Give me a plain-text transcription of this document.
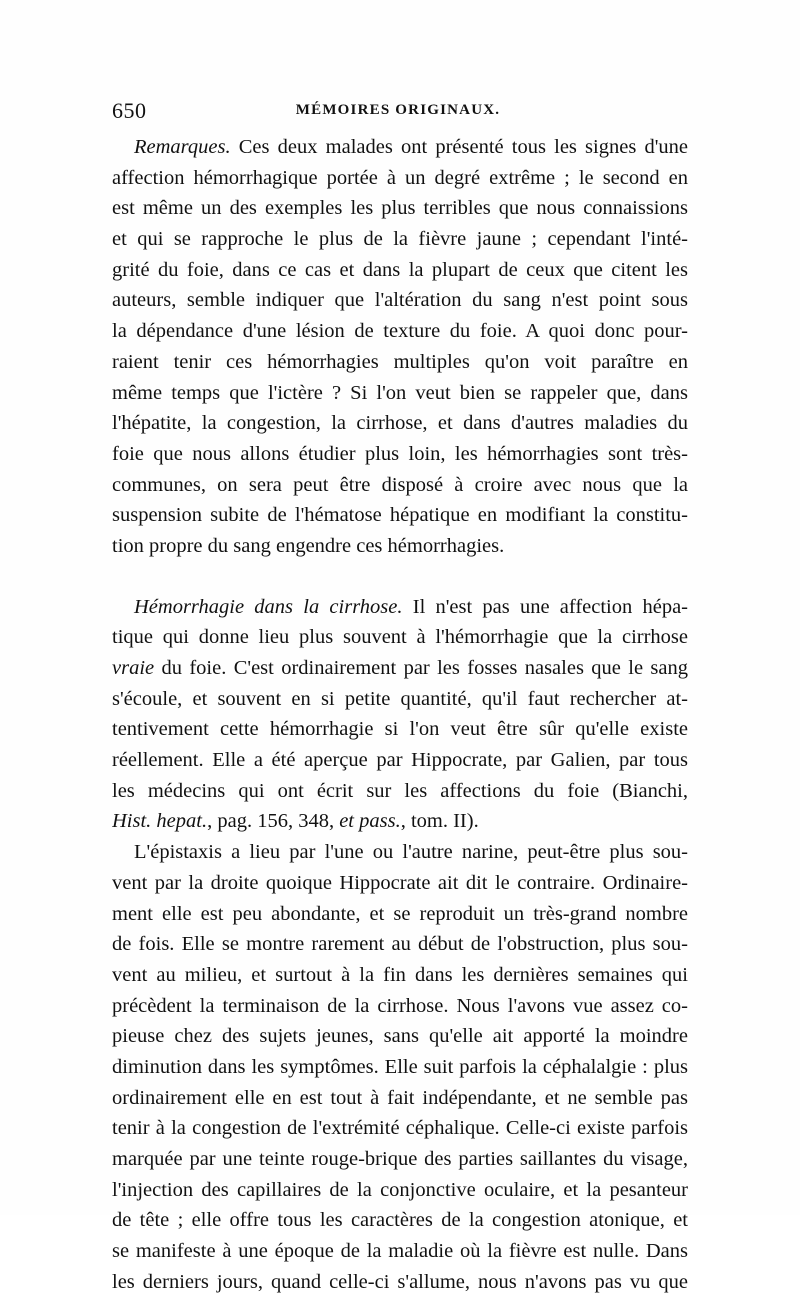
650	MÉMOIRES ORIGINAUX.
Remarques. Ces deux malades ont présenté tous les signes d'une
affection hémorrhagique portée à un degré extrême ; le second en
est même un des exemples les plus terribles que nous connaissions
et qui se rapproche le plus de la fièvre jaune ; cependant l'inté-
grité du foie, dans ce cas et dans la plupart de ceux que citent les
auteurs, semble indiquer que l'altération du sang n'est point sous
la dépendance d'une lésion de texture du foie. A quoi donc pour-
raient tenir ces hémorrhagies multiples qu'on voit paraître en
même temps que l'ictère ? Si l'on veut bien se rappeler que, dans
l'hépatite, la congestion, la cirrhose, et dans d'autres maladies du
foie que nous allons étudier plus loin, les hémorrhagies sont très-
communes, on sera peut être disposé à croire avec nous que la
suspension subite de l'hématose hépatique en modifiant la constitu-
tion propre du sang engendre ces hémorrhagies.
Hémorrhagie dans la cirrhose. Il n'est pas une affection hépa-
tique qui donne lieu plus souvent à l'hémorrhagie que la cirrhose
vraie du foie. C'est ordinairement par les fosses nasales que le sang
s'écoule, et souvent en si petite quantité, qu'il faut rechercher at-
tentivement cette hémorrhagie si l'on veut être sûr qu'elle existe
réellement. Elle a été aperçue par Hippocrate, par Galien, par tous
les médecins qui ont écrit sur les affections du foie (Bianchi,
Hist. hepat., pag. 156, 348, et pass., tom. II).
L'épistaxis a lieu par l'une ou l'autre narine, peut-être plus sou-
vent par la droite quoique Hippocrate ait dit le contraire. Ordinaire-
ment elle est peu abondante, et se reproduit un très-grand nombre
de fois. Elle se montre rarement au début de l'obstruction, plus sou-
vent au milieu, et surtout à la fin dans les dernières semaines qui
précèdent la terminaison de la cirrhose. Nous l'avons vue assez co-
pieuse chez des sujets jeunes, sans qu'elle ait apporté la moindre
diminution dans les symptômes. Elle suit parfois la céphalalgie : plus
ordinairement elle en est tout à fait indépendante, et ne semble pas
tenir à la congestion de l'extrémité céphalique. Celle-ci existe parfois
marquée par une teinte rouge-brique des parties saillantes du visage,
l'injection des capillaires de la conjonctive oculaire, et la pesanteur
de tête ; elle offre tous les caractères de la congestion atonique, et
se manifeste à une époque de la maladie où la fièvre est nulle. Dans
les derniers jours, quand celle-ci s'allume, nous n'avons pas vu que
